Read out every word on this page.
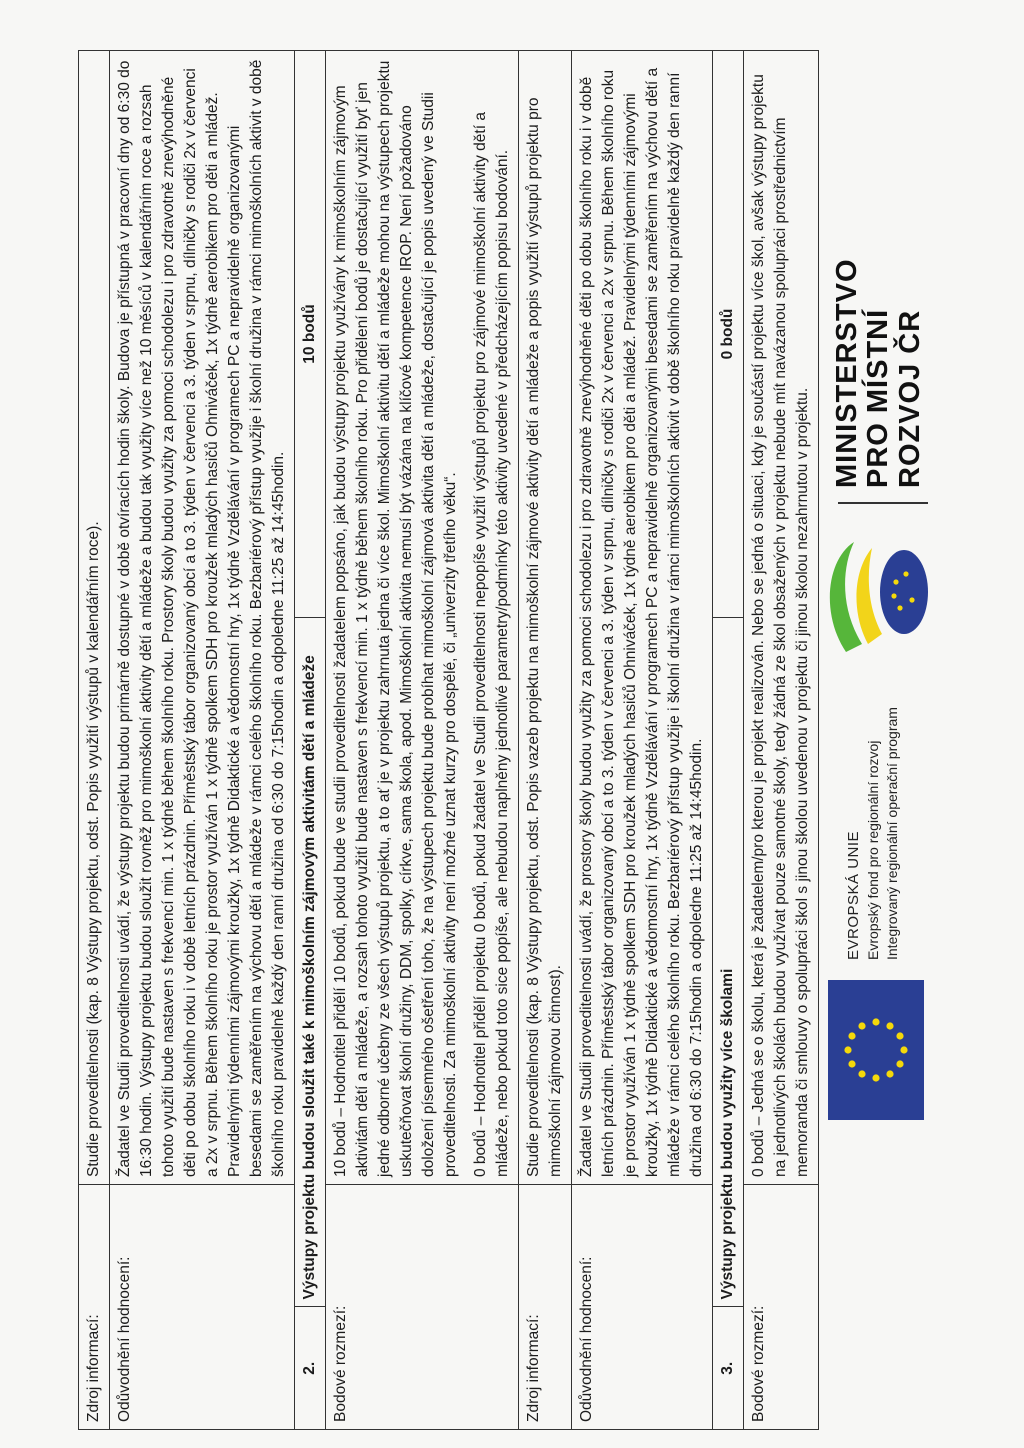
Zdroj informací:		Studie proveditelnosti (kap. 8 Výstupy projektu, odst. Popis využití výstupů v kalendářním roce).	
Odůvodnění hodnocení:		Žadatel ve Studii proveditelnosti uvádí, že výstupy projektu budou primárně dostupné v době otvíracích hodin školy. Budova je přístupná v pracovní dny od 6:30 do 16:30 hodin. Výstupy projektu budou sloužit rovněž pro mimoškolní aktivity dětí a mládeže a budou tak využity více než 10 měsíců v kalendářním roce a rozsah tohoto využití bude nastaven s frekvencí min. 1 x týdně během školního roku. Prostory školy budou využity za pomoci schodolezu i pro zdravotně znevýhodněné děti po dobu školního roku i v době letních prázdnin. Příměstský tábor organizovaný obcí a to 3. týden v červenci a 3. týden v srpnu, dílničky s rodiči 2x v červenci a 2x v srpnu. Během školního roku je prostor využíván 1 x týdně spolkem SDH pro kroužek mladých hasičů Ohniváček, 1x týdně aerobikem pro děti a mládež. Pravidelnými týdenními zájmovými kroužky, 1x týdně Didaktické a vědomostní hry, 1x týdně Vzdělávání v programech PC a nepravidelně organizovanými besedami se zaměřením na výchovu dětí a mládeže v rámci celého školního roku. Bezbariérový přístup využije i školní družina v rámci mimoškolních aktivit v době školního roku pravidelně každý den ranní družina od 6:30 do 7:15hodin a odpoledne 11:25 až 14:45hodin.	
2.	Výstupy projektu budou sloužit také k mimoškolním zájmovým aktivitám dětí a mládeže		10 bodů
Bodové rozmezí:		10 bodů – Hodnotitel přidělí 10 bodů, pokud bude ve studii proveditelnosti žadatelem popsáno, jak budou výstupy projektu využívány k mimoškolním zájmovým aktivitám dětí a mládeže, a rozsah tohoto využití bude nastaven s frekvencí min. 1 x týdně během školního roku. Pro přidělení bodů je dostačující využití byť jen jedné odborné učebny ze všech výstupů projektu, a to ať je v projektu zahrnuta jedna či více škol. Mimoškolní aktivitu dětí a mládeže mohou na výstupech projektu uskutečňovat školní družiny, DDM, spolky, církve, sama škola, apod. Mimoškolní aktivita nemusí být vázána na klíčové kompetence IROP. Není požadováno doložení písemného ošetření toho, že na výstupech projektu bude probíhat mimoškolní zájmová aktivita dětí a mládeže, dostačující je popis uvedený ve Studii proveditelnosti. Za mimoškolní aktivity není možné uznat kurzy pro dospělé, či „univerzity třetího věku“. 0 bodů – Hodnotitel přidělí projektu 0 bodů, pokud žadatel ve Studii proveditelnosti nepopíše využití výstupů projektu pro zájmové mimoškolní aktivity dětí a mládeže, nebo pokud toto sice popíše, ale nebudou naplněny jednotlivé parametry/podmínky této aktivity uvedené v předcházejícím popisu bodování.	

Zdroj informací:		Studie proveditelnosti (kap. 8 Výstupy projektu, odst. Popis vazeb projektu na mimoškolní zájmové aktivity dětí a mládeže a popis využití výstupů projektu pro mimoškolní zájmovou činnost).	
Odůvodnění hodnocení:		Žadatel ve Studii proveditelnosti uvádí, že prostory školy budou využity za pomoci schodolezu i pro zdravotně znevýhodněné děti po dobu školního roku i v době letních prázdnin. Příměstský tábor organizovaný obcí a to 3. týden v červenci a 3. týden v srpnu, dílničky s rodiči 2x v červenci a 2x v srpnu. Během školního roku je prostor využíván 1 x týdně spolkem SDH pro kroužek mladých hasičů Ohniváček, 1x týdně aerobikem pro děti a mládež. Pravidelnými týdenními zájmovými kroužky, 1x týdně Didaktické a vědomostní hry, 1x týdně Vzdělávání v programech PC a nepravidelně organizovanými besedami se zaměřením na výchovu dětí a mládeže v rámci celého školního roku. Bezbariérový přístup využije i školní družina v rámci mimoškolních aktivit v době školního roku pravidelně každý den ranní družina od 6:30 do 7:15hodin a odpoledne 11:25 až 14:45hodin.	
3.	Výstupy projektu budou využity více školami		0 bodů
Bodové rozmezí:		0 bodů – Jedná se o školu, která je žadatelem/pro kterou je projekt realizován. Nebo se jedná o situaci, kdy je součástí projektu více škol, avšak výstupy projektu na jednotlivých školách budou využívat pouze samotné školy, tedy žádná ze škol obsažených v projektu nebude mít navázanou spolupráci prostřednictvím memoranda či smlouvy o spolupráci škol s jinou školou uvedenou v projektu či jinou školou nezahrnutou v projektu.	EVROPSKÁ UNIE Evropský fond pro regionální rozvoj Integrovaný regionální operační program
MINISTERSTVO PRO MÍSTNÍ ROZVOJ ČR
